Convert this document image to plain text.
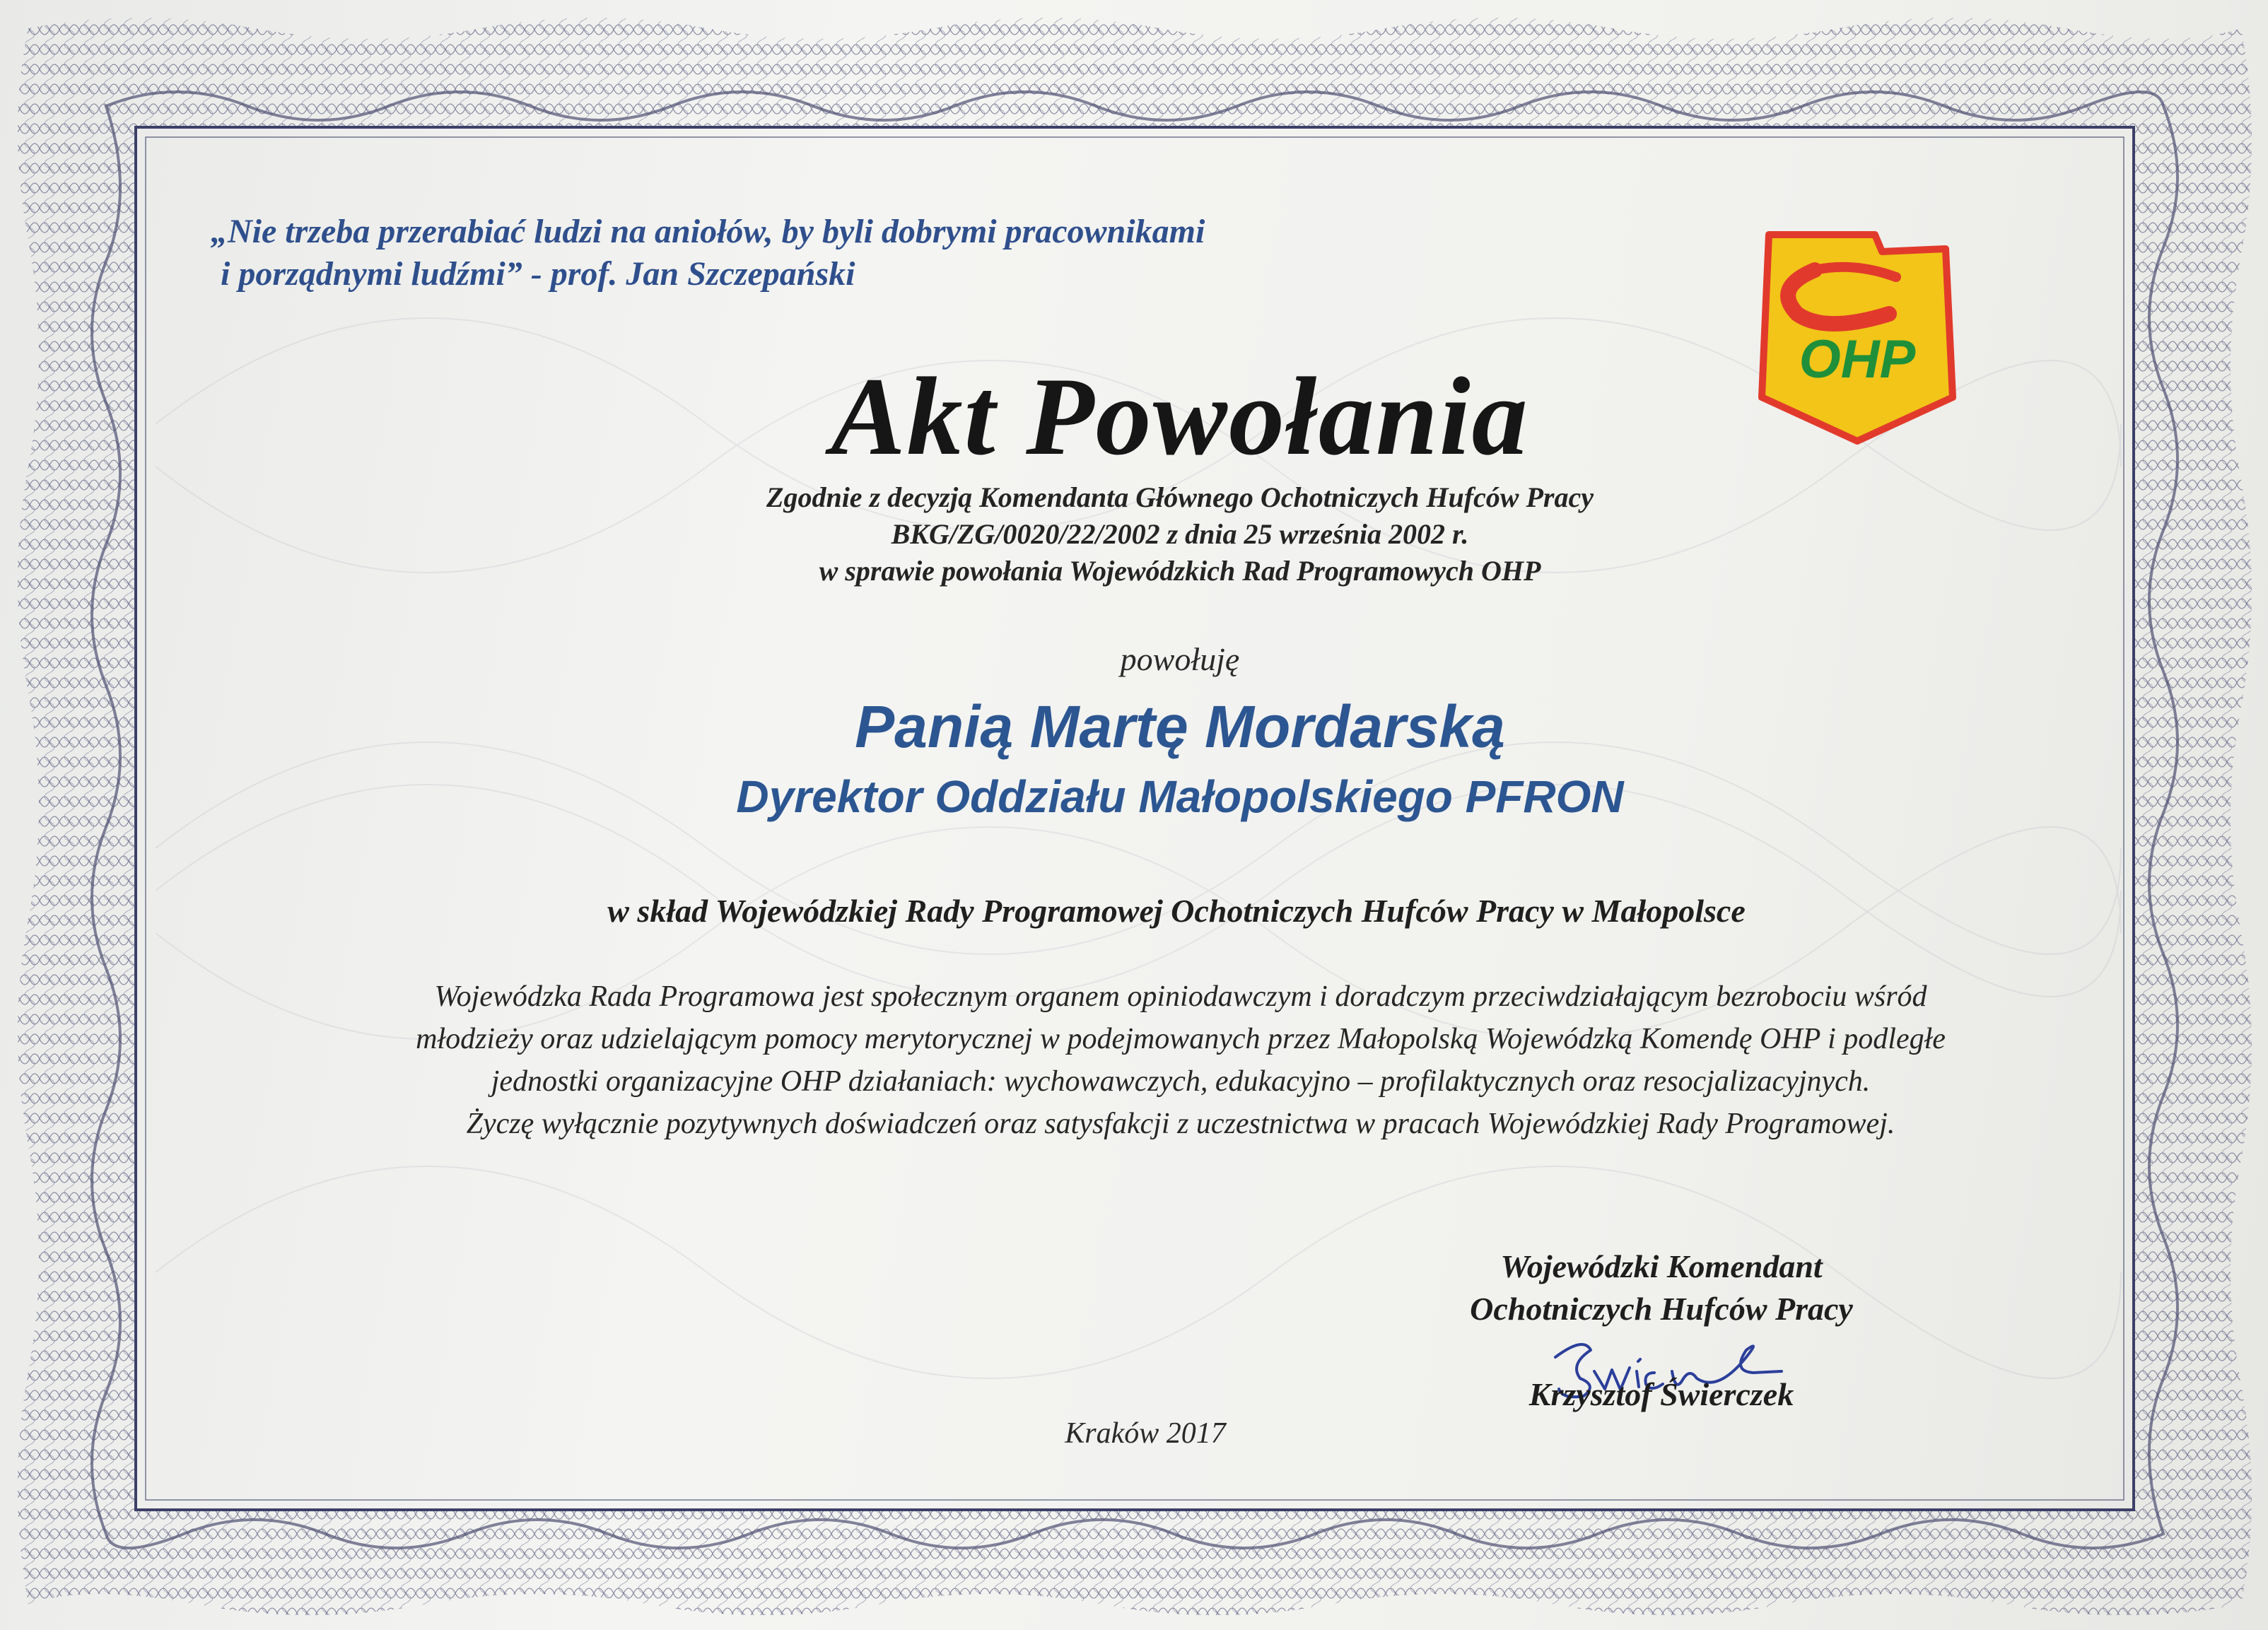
„Nie trzeba przerabiać ludzi na aniołów, by byli dobrymi pracownikami
i porządnymi ludźmi” - prof. Jan Szczepański
OHP
Akt Powołania
Zgodnie z decyzją Komendanta Głównego Ochotniczych Hufców Pracy
BKG/ZG/0020/22/2002 z dnia 25 września 2002 r.
w sprawie powołania Wojewódzkich Rad Programowych OHP
powołuję
Panią Martę Mordarską
Dyrektor Oddziału Małopolskiego PFRON
w skład Wojewódzkiej Rady Programowej Ochotniczych Hufców Pracy w Małopolsce
Wojewódzka Rada Programowa jest społecznym organem opiniodawczym i doradczym przeciwdziałającym bezrobociu wśród
młodzieży oraz udzielającym pomocy merytorycznej w podejmowanych przez Małopolską Wojewódzką Komendę OHP i podległe
jednostki organizacyjne OHP działaniach: wychowawczych, edukacyjno – profilaktycznych oraz resocjalizacyjnych.
Życzę wyłącznie pozytywnych doświadczeń oraz satysfakcji z uczestnictwa w pracach Wojewódzkiej Rady Programowej.
Wojewódzki Komendant
Ochotniczych Hufców Pracy
Krzysztof Świerczek
Kraków 2017
